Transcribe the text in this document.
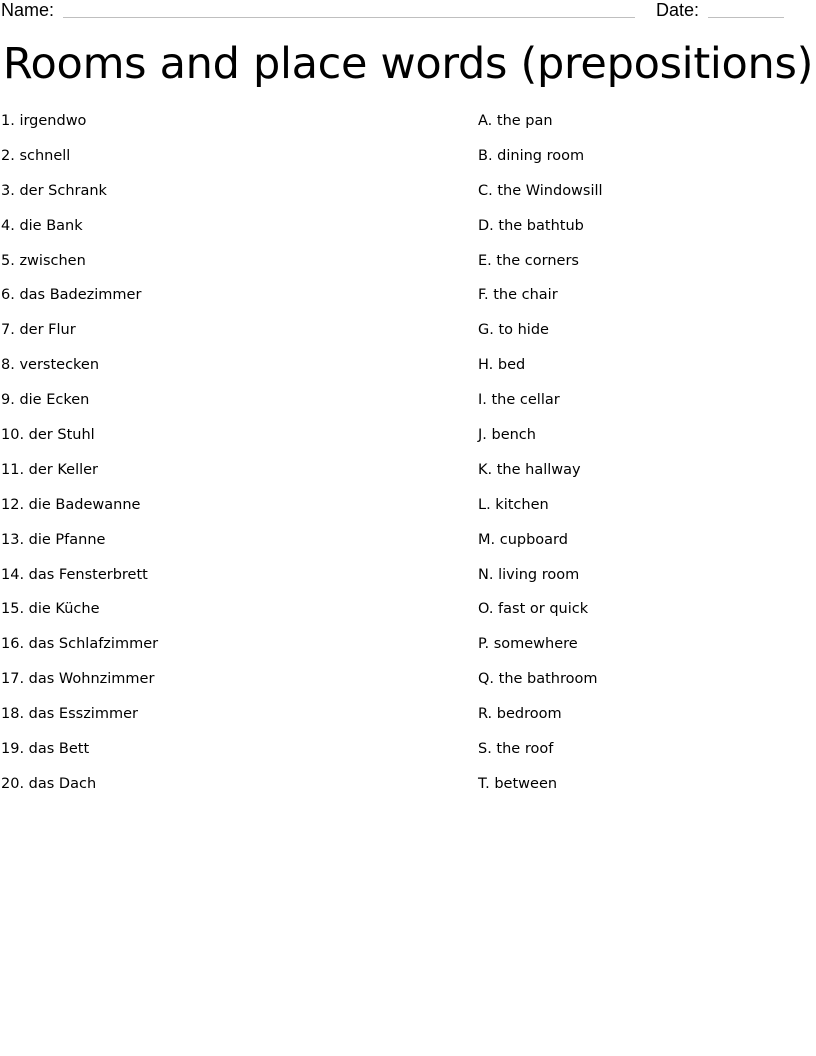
Name:	Date:
Rooms and place words (prepositions)
1. irgendwo
2. schnell
3. der Schrank
4. die Bank
5. zwischen
6. das Badezimmer
7. der Flur
8. verstecken
9. die Ecken
10. der Stuhl
11. der Keller
12. die Badewanne
13. die Pfanne
14. das Fensterbrett
15. die Küche
16. das Schlafzimmer
17. das Wohnzimmer
18. das Esszimmer
19. das Bett
20. das Dach
A. the pan
B. dining room
C. the Windowsill
D. the bathtub
E. the corners
F. the chair
G. to hide
H. bed
I. the cellar
J. bench
K. the hallway
L. kitchen
M. cupboard
N. living room
O. fast or quick
P. somewhere
Q. the bathroom
R. bedroom
S. the roof
T. between
